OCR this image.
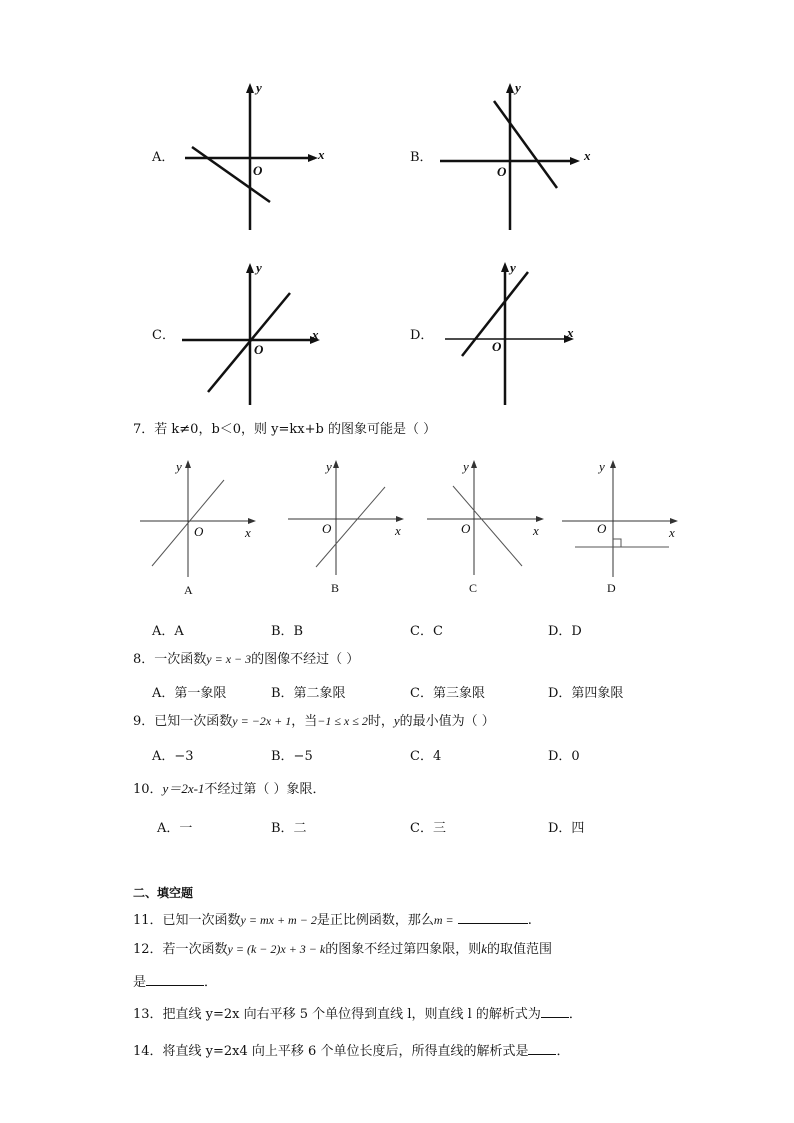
A．	x
y
O
B．	x
y
O
C．	x
y
O
D．	x
y
O
7．若 k≠0，b＜0，则 y=kx+b 的图象可能是（ ）
y
x
O
A
y
x
O
B
y
x
O
C
y
x
O
D
A．A	B．B	C．C	D．D
8．一次函数y = x − 3的图像不经过（ ）
A．第一象限	B．第二象限	C．第三象限	D．第四象限
9．已知一次函数y = −2x + 1，当−1 ≤ x ≤ 2时，y的最小值为（ ）
A．−3	B．−5	C．4	D．0
10．y＝2x-1不经过第（ ）象限．
A．一	B．二	C．三	D．四
二、填空题
11．已知一次函数y = mx + m − 2是正比例函数，那么m =	.
12．若一次函数y = (k − 2)x + 3 − k的图象不经过第四象限，则k的取值范围
是	．
13．把直线 y=2x 向右平移 5 个单位得到直线 l，则直线 l 的解析式为 ．
14．将直线 y=2x4 向上平移 6 个单位长度后，所得直线的解析式是 ．
